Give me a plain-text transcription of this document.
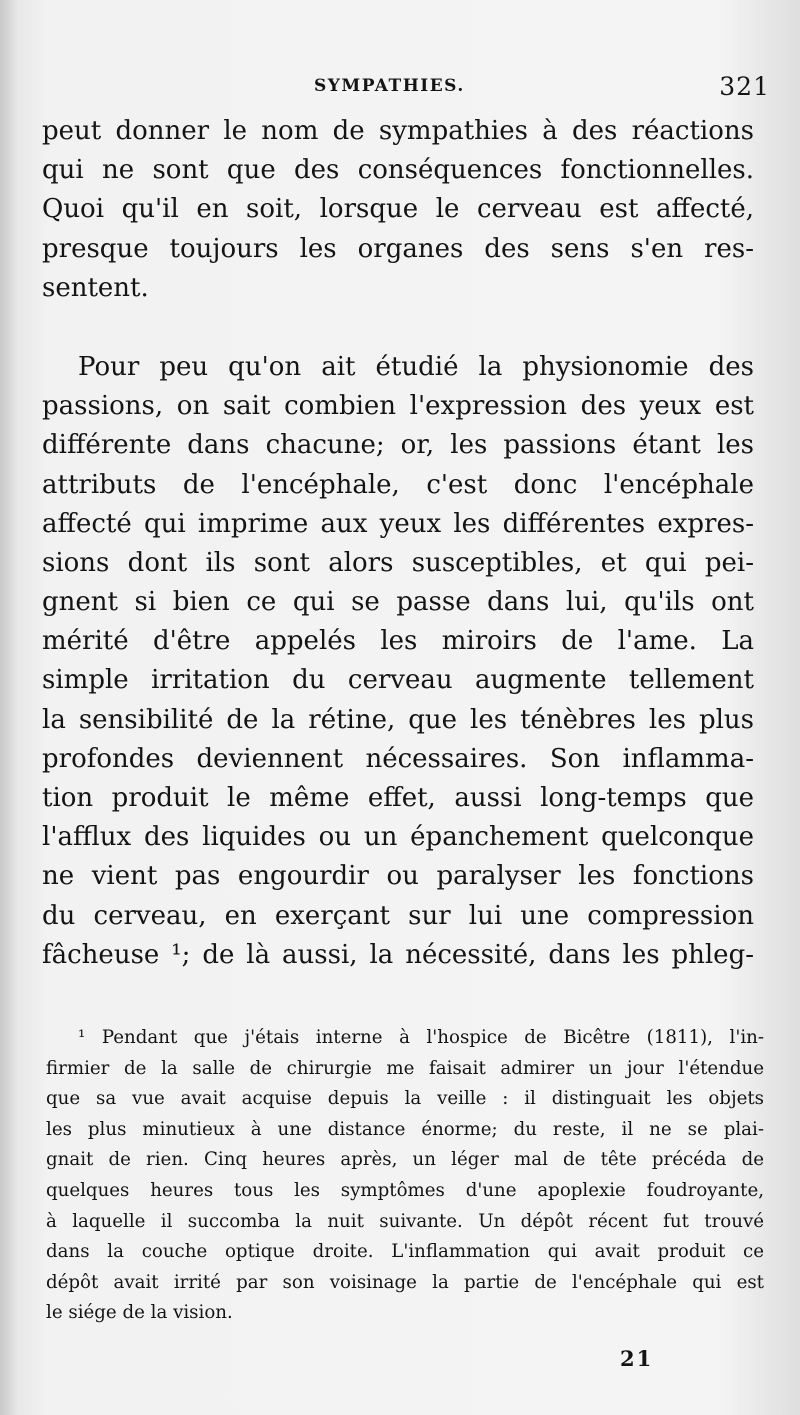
SYMPATHIES.	321
peut donner le nom de sympathies à des réactions
qui ne sont que des conséquences fonctionnelles.
Quoi qu'il en soit, lorsque le cerveau est affecté,
presque toujours les organes des sens s'en res-
sentent.
Pour peu qu'on ait étudié la physionomie des
passions, on sait combien l'expression des yeux est
différente dans chacune; or, les passions étant les
attributs de l'encéphale, c'est donc l'encéphale
affecté qui imprime aux yeux les différentes expres-
sions dont ils sont alors susceptibles, et qui pei-
gnent si bien ce qui se passe dans lui, qu'ils ont
mérité d'être appelés les miroirs de l'ame. La
simple irritation du cerveau augmente tellement
la sensibilité de la rétine, que les ténèbres les plus
profondes deviennent nécessaires. Son inflamma-
tion produit le même effet, aussi long-temps que
l'afflux des liquides ou un épanchement quelconque
ne vient pas engourdir ou paralyser les fonctions
du cerveau, en exerçant sur lui une compression
fâcheuse ¹; de là aussi, la nécessité, dans les phleg-
¹ Pendant que j'étais interne à l'hospice de Bicêtre (1811), l'in-
firmier de la salle de chirurgie me faisait admirer un jour l'étendue
que sa vue avait acquise depuis la veille : il distinguait les objets
les plus minutieux à une distance énorme; du reste, il ne se plai-
gnait de rien. Cinq heures après, un léger mal de tête précéda de
quelques heures tous les symptômes d'une apoplexie foudroyante,
à laquelle il succomba la nuit suivante. Un dépôt récent fut trouvé
dans la couche optique droite. L'inflammation qui avait produit ce
dépôt avait irrité par son voisinage la partie de l'encéphale qui est
le siége de la vision.
21
